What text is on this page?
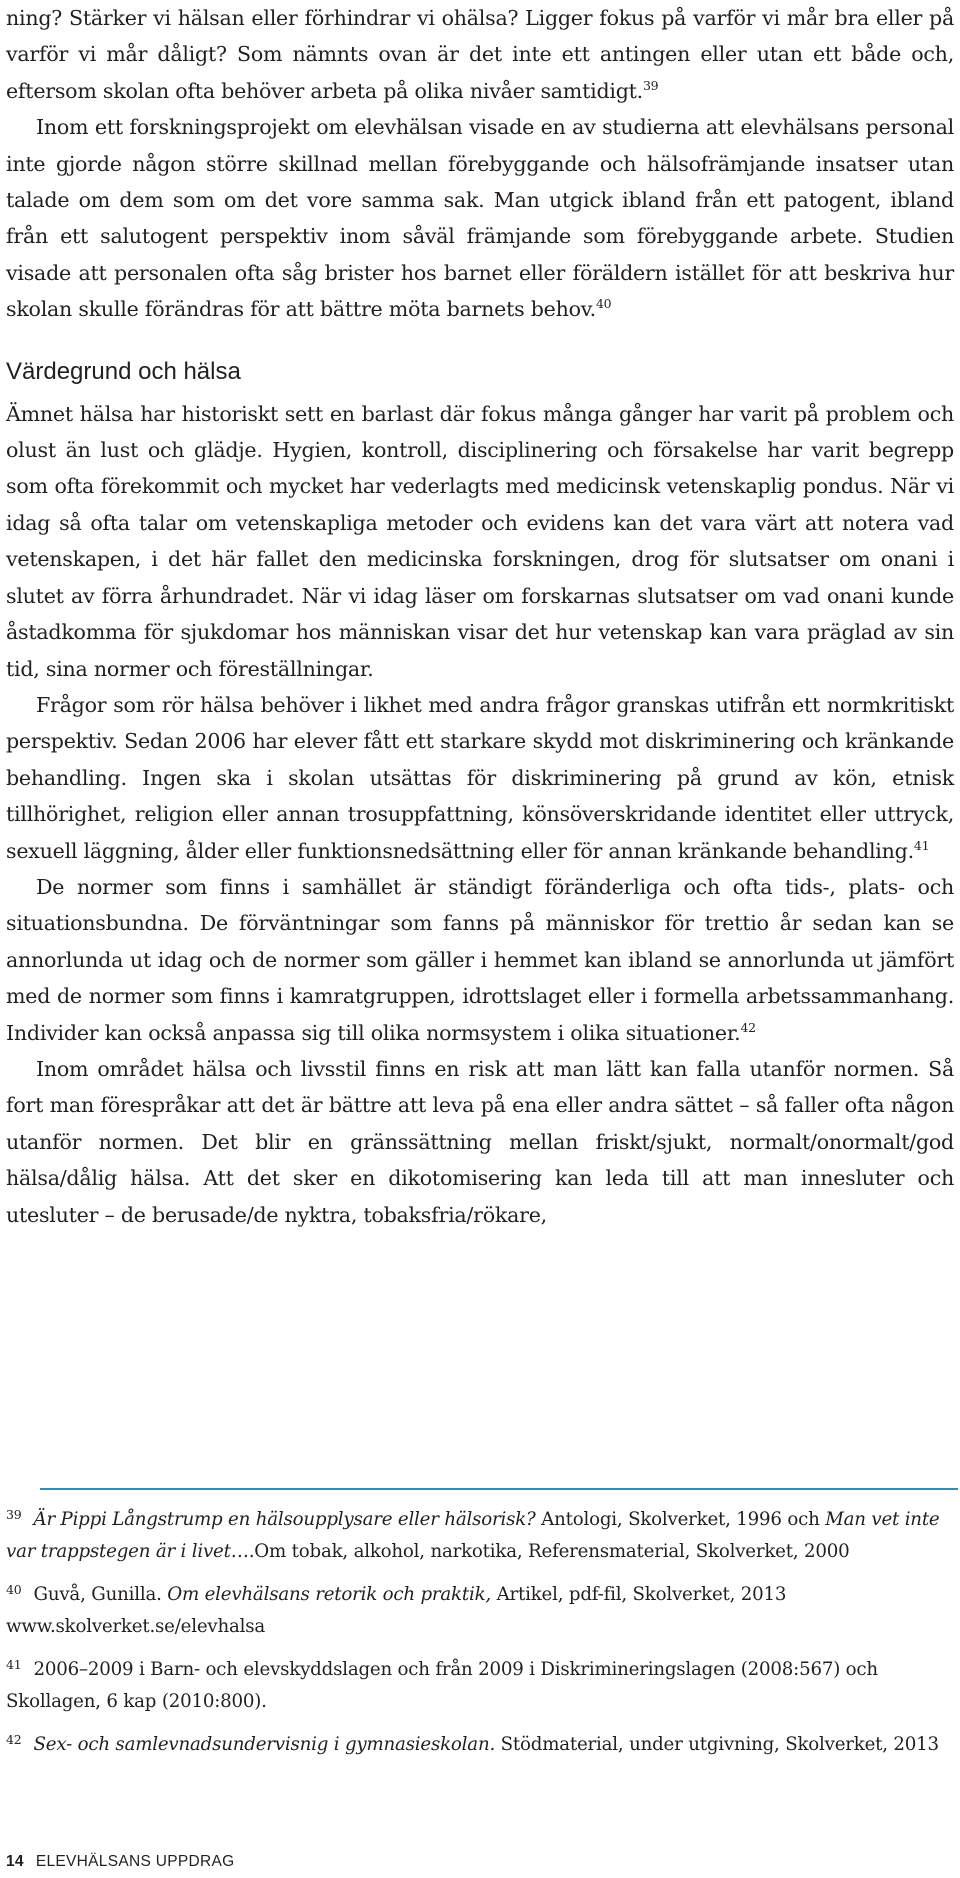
ning? Stärker vi hälsan eller förhindrar vi ohälsa? Ligger fokus på varför vi mår bra eller på varför vi mår dåligt? Som nämnts ovan är det inte ett antingen eller utan ett både och, eftersom skolan ofta behöver arbeta på olika nivåer samtidigt.$^{39}$

Inom ett forskningsprojekt om elevhälsan visade en av studierna att elevhälsans personal inte gjorde någon större skillnad mellan förebyggande och hälsofrämjande insatser utan talade om dem som om det vore samma sak. Man utgick ibland från ett patogent, ibland från ett salutogent perspektiv inom såväl främjande som förebyggande arbete. Studien visade att personalen ofta såg brister hos barnet eller föräldern istället för att beskriva hur skolan skulle förändras för att bättre möta barnets behov.$^{40}$

Värdegrund och hälsa

Ämnet hälsa har historiskt sett en barlast där fokus många gånger har varit på problem och olust än lust och glädje. Hygien, kontroll, disciplinering och försakelse har varit begrepp som ofta förekommit och mycket har vederlagts med medicinsk vetenskaplig pondus. När vi idag så ofta talar om vetenskapliga metoder och evidens kan det vara värt att notera vad vetenskapen, i det här fallet den medicinska forskningen, drog för slutsatser om onani i slutet av förra århundradet. När vi idag läser om forskarnas slutsatser om vad onani kunde åstadkomma för sjukdomar hos människan visar det hur vetenskap kan vara präglad av sin tid, sina normer och föreställningar.

Frågor som rör hälsa behöver i likhet med andra frågor granskas utifrån ett normkritiskt perspektiv. Sedan 2006 har elever fått ett starkare skydd mot diskriminering och kränkande behandling. Ingen ska i skolan utsättas för diskriminering på grund av kön, etnisk tillhörighet, religion eller annan trosuppfattning, könsöverskridande identitet eller uttryck, sexuell läggning, ålder eller funktionsnedsättning eller för annan kränkande behandling.$^{41}$

De normer som finns i samhället är ständigt föränderliga och ofta tids-, plats- och situationsbundna. De förväntningar som fanns på människor för trettio år sedan kan se annorlunda ut idag och de normer som gäller i hemmet kan ibland se annorlunda ut jämfört med de normer som finns i kamratgruppen, idrottslaget eller i formella arbetssammanhang. Individer kan också anpassa sig till olika normsystem i olika situationer.$^{42}$

Inom området hälsa och livsstil finns en risk att man lätt kan falla utanför normen. Så fort man förespråkar att det är bättre att leva på ena eller andra sättet – så faller ofta någon utanför normen. Det blir en gränssättning mellan friskt/sjukt, normalt/onormalt/god hälsa/dålig hälsa. Att det sker en dikotomisering kan leda till att man innesluter och utesluter – de berusade/de nyktra, tobaksfria/rökare,

$^{39}$ Är Pippi Långstrump en hälsoupplysare eller hälsorisk? Antologi, Skolverket, 1996 och Man vet inte var trappstegen är i livet….Om tobak, alkohol, narkotika, Referensmaterial, Skolverket, 2000

$^{40}$ Guvå, Gunilla. Om elevhälsans retorik och praktik, Artikel, pdf-fil, Skolverket, 2013 www.skolverket.se/elevhalsa

$^{41}$ 2006–2009 i Barn- och elevskyddslagen och från 2009 i Diskrimineringslagen (2008:567) och Skollagen, 6 kap (2010:800).

$^{42}$ Sex- och samlevnadsundervisnig i gymnasieskolan. Stödmaterial, under utgivning, Skolverket, 2013

14 ELEVHÄLSANS UPPDRAG
